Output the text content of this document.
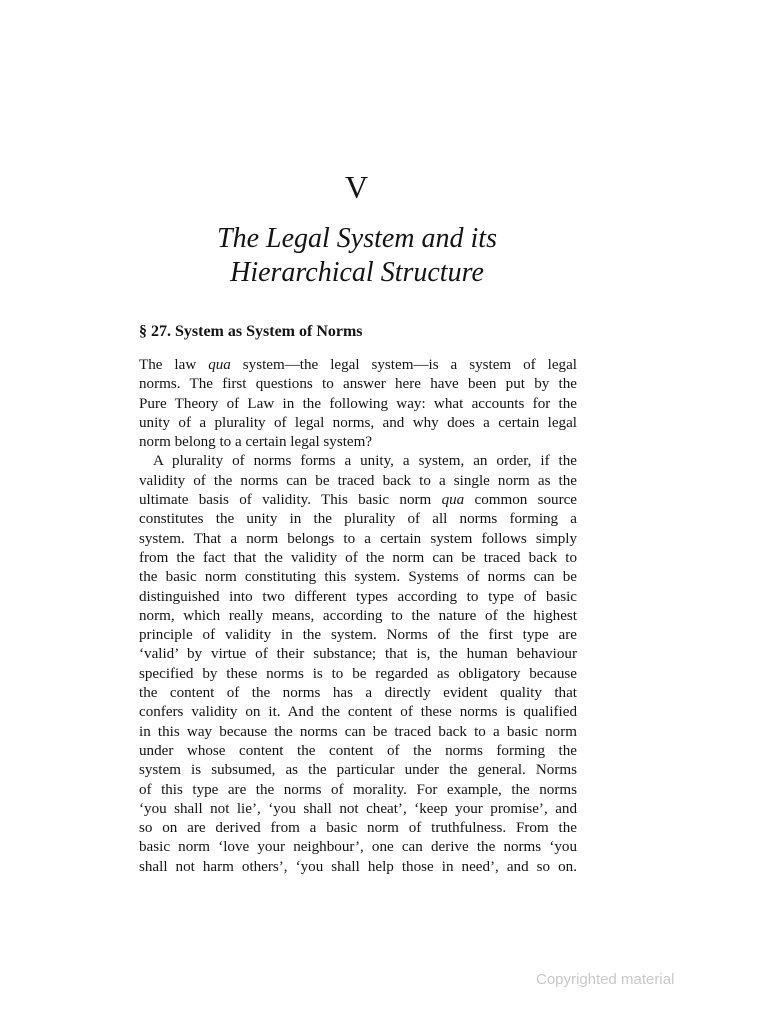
V
The Legal System and its
Hierarchical Structure
§ 27. System as System of Norms
The law qua system—the legal system—is a system of legal
norms. The first questions to answer here have been put by the
Pure Theory of Law in the following way: what accounts for the
unity of a plurality of legal norms, and why does a certain legal
norm belong to a certain legal system?
A plurality of norms forms a unity, a system, an order, if the
validity of the norms can be traced back to a single norm as the
ultimate basis of validity. This basic norm qua common source
constitutes the unity in the plurality of all norms forming a
system. That a norm belongs to a certain system follows simply
from the fact that the validity of the norm can be traced back to
the basic norm constituting this system. Systems of norms can be
distinguished into two different types according to type of basic
norm, which really means, according to the nature of the highest
principle of validity in the system. Norms of the first type are
‘valid’ by virtue of their substance; that is, the human behaviour
specified by these norms is to be regarded as obligatory because
the content of the norms has a directly evident quality that
confers validity on it. And the content of these norms is qualified
in this way because the norms can be traced back to a basic norm
under whose content the content of the norms forming the
system is subsumed, as the particular under the general. Norms
of this type are the norms of morality. For example, the norms
‘you shall not lie’, ‘you shall not cheat’, ‘keep your promise’, and
so on are derived from a basic norm of truthfulness. From the
basic norm ‘love your neighbour’, one can derive the norms ‘you
shall not harm others’, ‘you shall help those in need’, and so on.
Copyrighted material
